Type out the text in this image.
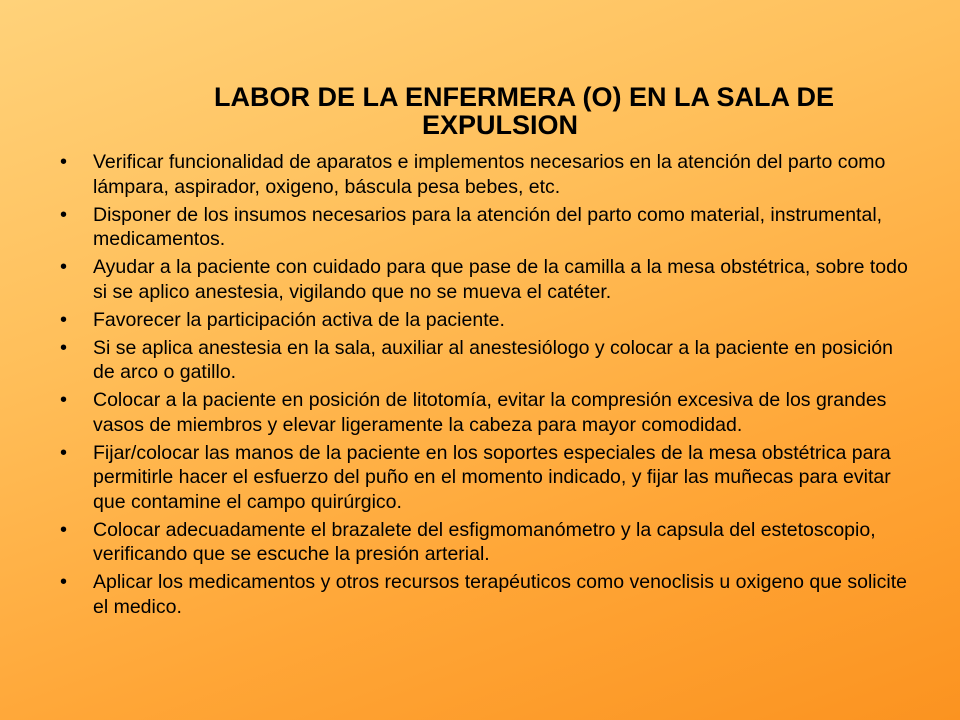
LABOR DE LA ENFERMERA (O) EN LA SALA DE
EXPULSION
•	Verificar funcionalidad de aparatos e implementos necesarios en la atención del parto como lámpara, aspirador, oxigeno, báscula pesa bebes, etc.
•	Disponer de los insumos necesarios para la atención del parto como material, instrumental, medicamentos.
•	Ayudar a la paciente con cuidado para que pase de la camilla a la mesa obstétrica, sobre todo si se aplico anestesia, vigilando que no se mueva el catéter.
•	Favorecer la participación activa de la paciente.
•	Si se aplica anestesia en la sala, auxiliar al anestesiólogo y colocar a la paciente en posición de arco o gatillo.
•	Colocar a la paciente en posición de litotomía, evitar la compresión excesiva de los grandes vasos de miembros y elevar ligeramente la cabeza para mayor comodidad.
•	Fijar/colocar las manos de la paciente en los soportes especiales de la mesa obstétrica para permitirle hacer el esfuerzo del puño en el momento indicado, y fijar las muñecas para evitar que contamine el campo quirúrgico.
•	Colocar adecuadamente el brazalete del esfigmomanómetro y la capsula del estetoscopio, verificando que se escuche la presión arterial.
•	Aplicar los medicamentos y otros recursos terapéuticos como venoclisis u oxigeno que solicite el medico.
